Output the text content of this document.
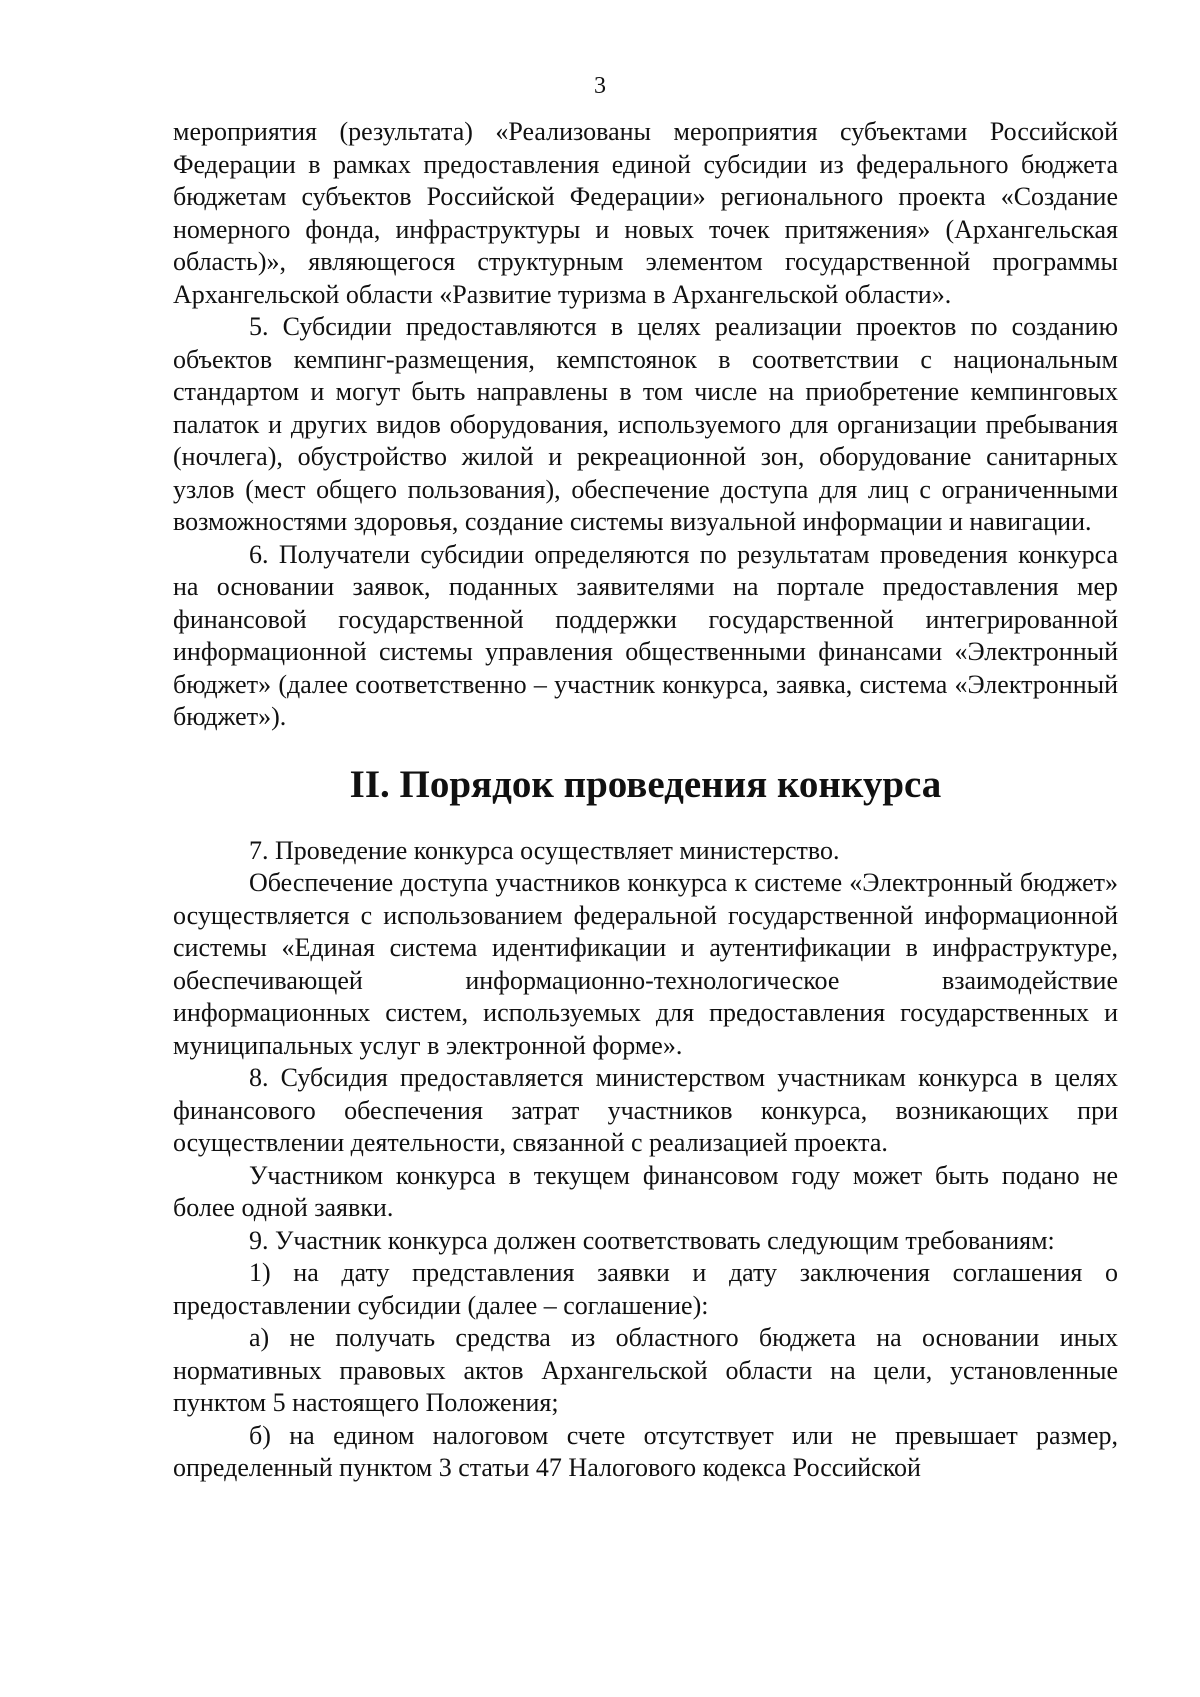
3

мероприятия (результата) «Реализованы мероприятия субъектами Российской Федерации в рамках предоставления единой субсидии из федерального бюджета бюджетам субъектов Российской Федерации» регионального проекта «Создание номерного фонда, инфраструктуры и новых точек притяжения» (Архангельская область)», являющегося структурным элементом государственной программы Архангельской области «Развитие туризма в Архангельской области».

5. Субсидии предоставляются в целях реализации проектов по созданию объектов кемпинг-размещения, кемпстоянок в соответствии с национальным стандартом и могут быть направлены в том числе на приобретение кемпинговых палаток и других видов оборудования, используемого для организации пребывания (ночлега), обустройство жилой и рекреационной зон, оборудование санитарных узлов (мест общего пользования), обеспечение доступа для лиц с ограниченными возможностями здоровья, создание системы визуальной информации и навигации.

6. Получатели субсидии определяются по результатам проведения конкурса на основании заявок, поданных заявителями на портале предоставления мер финансовой государственной поддержки государственной интегрированной информационной системы управления общественными финансами «Электронный бюджет» (далее соответственно – участник конкурса, заявка, система «Электронный бюджет»).

II. Порядок проведения конкурса

7. Проведение конкурса осуществляет министерство.

Обеспечение доступа участников конкурса к системе «Электронный бюджет» осуществляется с использованием федеральной государственной информационной системы «Единая система идентификации и аутентификации в инфраструктуре, обеспечивающей информационно-технологическое взаимодействие информационных систем, используемых для предоставления государственных и муниципальных услуг в электронной форме».

8. Субсидия предоставляется министерством участникам конкурса в целях финансового обеспечения затрат участников конкурса, возникающих при осуществлении деятельности, связанной с реализацией проекта.

Участником конкурса в текущем финансовом году может быть подано не более одной заявки.

9. Участник конкурса должен соответствовать следующим требованиям:

1) на дату представления заявки и дату заключения соглашения о предоставлении субсидии (далее – соглашение):

а) не получать средства из областного бюджета на основании иных нормативных правовых актов Архангельской области на цели, установленные пунктом 5 настоящего Положения;

б) на едином налоговом счете отсутствует или не превышает размер, определенный пунктом 3 статьи 47 Налогового кодекса Российской
